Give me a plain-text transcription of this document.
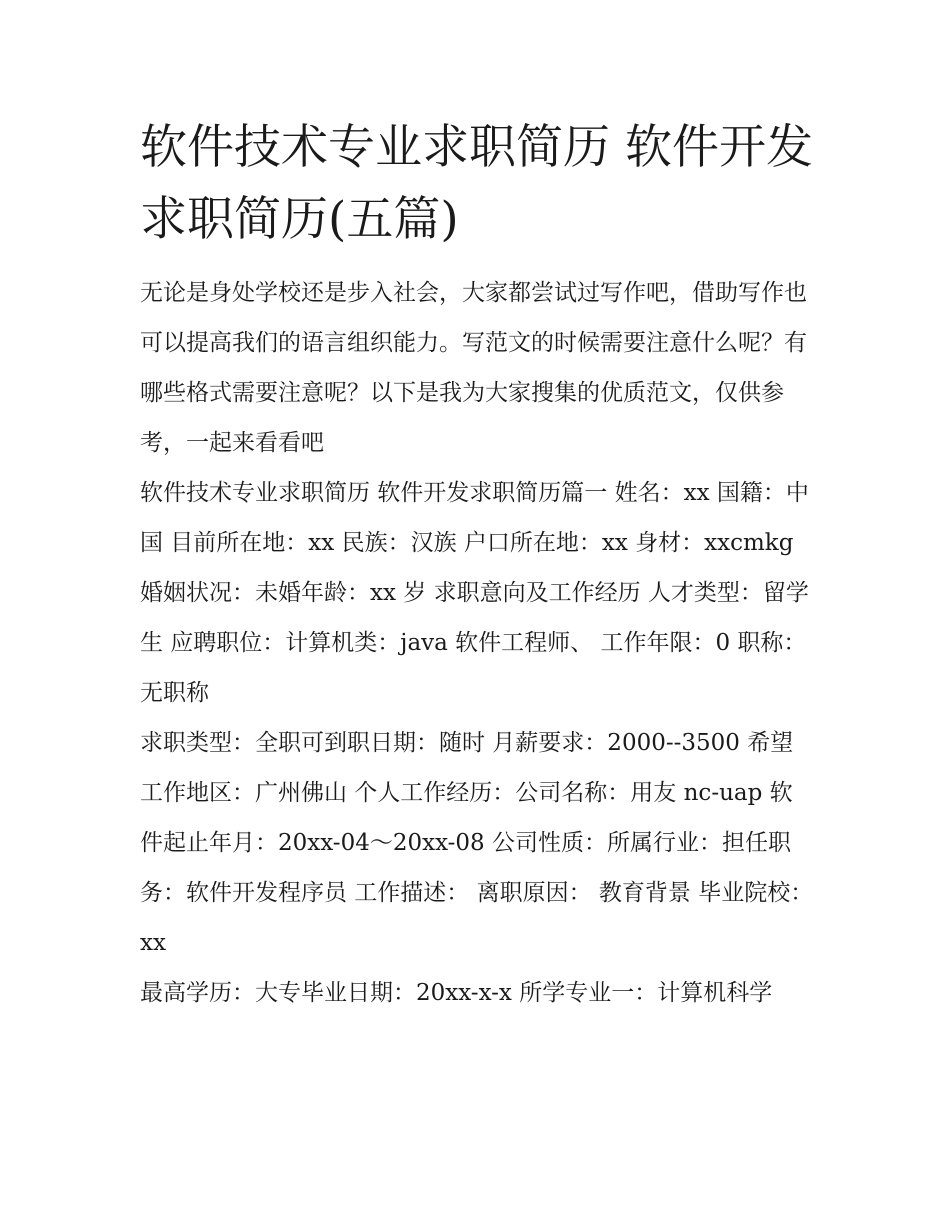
软件技术专业求职简历 软件开发求职简历(五篇)

无论是身处学校还是步入社会，大家都尝试过写作吧，借助写作也可以提高我们的语言组织能力。写范文的时候需要注意什么呢？有哪些格式需要注意呢？以下是我为大家搜集的优质范文，仅供参考，一起来看看吧

软件技术专业求职简历 软件开发求职简历篇一 姓名：xx 国籍：中国 目前所在地：xx 民族：汉族 户口所在地：xx 身材：xxcmkg

婚姻状况：未婚年龄：xx 岁 求职意向及工作经历 人才类型：留学生 应聘职位：计算机类：java 软件工程师、 工作年限：0 职称：无职称

求职类型：全职可到职日期：随时 月薪要求：2000--3500 希望工作地区：广州佛山 个人工作经历：公司名称：用友 nc-uap 软件起止年月：20xx-04～20xx-08 公司性质：所属行业：担任职务：软件开发程序员 工作描述： 离职原因： 教育背景 毕业院校：xx

最高学历：大专毕业日期：20xx-x-x 所学专业一：计算机科学
